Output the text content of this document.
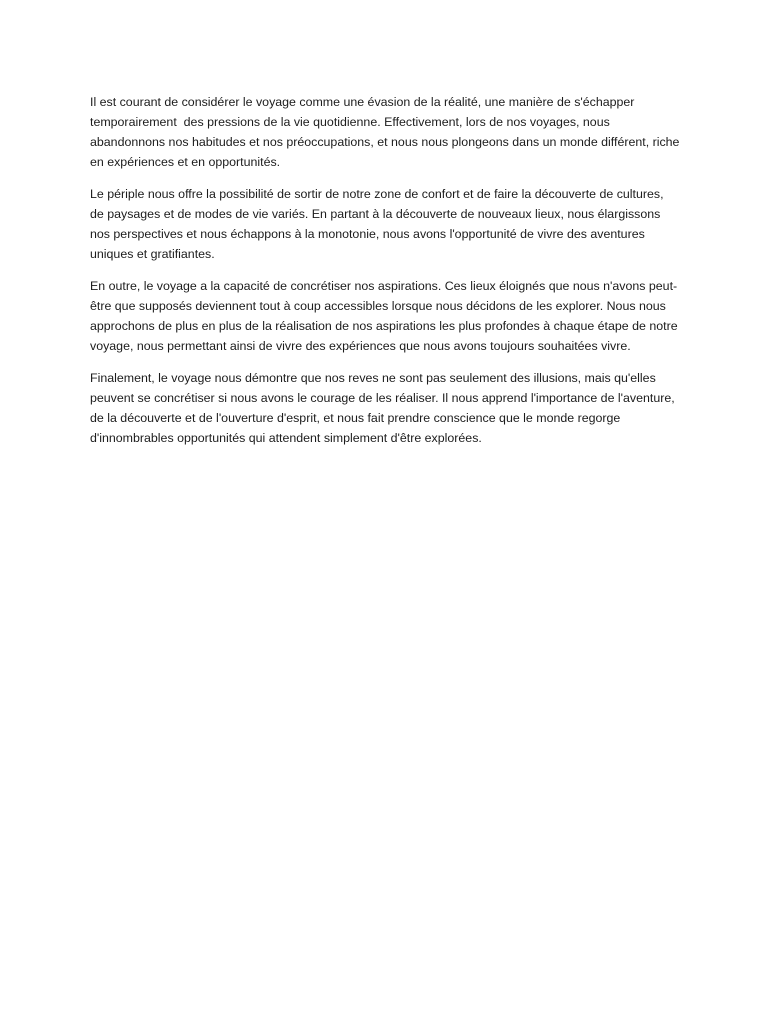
Il est courant de considérer le voyage comme une évasion de la réalité, une manière de s'échapper temporairement  des pressions de la vie quotidienne. Effectivement, lors de nos voyages, nous abandonnons nos habitudes et nos préoccupations, et nous nous plongeons dans un monde différent, riche en expériences et en opportunités.

Le périple nous offre la possibilité de sortir de notre zone de confort et de faire la découverte de cultures, de paysages et de modes de vie variés. En partant à la découverte de nouveaux lieux, nous élargissons nos perspectives et nous échappons à la monotonie, nous avons l'opportunité de vivre des aventures uniques et gratifiantes.

En outre, le voyage a la capacité de concrétiser nos aspirations. Ces lieux éloignés que nous n'avons peut-être que supposés deviennent tout à coup accessibles lorsque nous décidons de les explorer. Nous nous approchons de plus en plus de la réalisation de nos aspirations les plus profondes à chaque étape de notre voyage, nous permettant ainsi de vivre des expériences que nous avons toujours souhaitées vivre.

Finalement, le voyage nous démontre que nos reves ne sont pas seulement des illusions, mais qu'elles peuvent se concrétiser si nous avons le courage de les réaliser. Il nous apprend l'importance de l'aventure, de la découverte et de l'ouverture d'esprit, et nous fait prendre conscience que le monde regorge d'innombrables opportunités qui attendent simplement d'être explorées.
